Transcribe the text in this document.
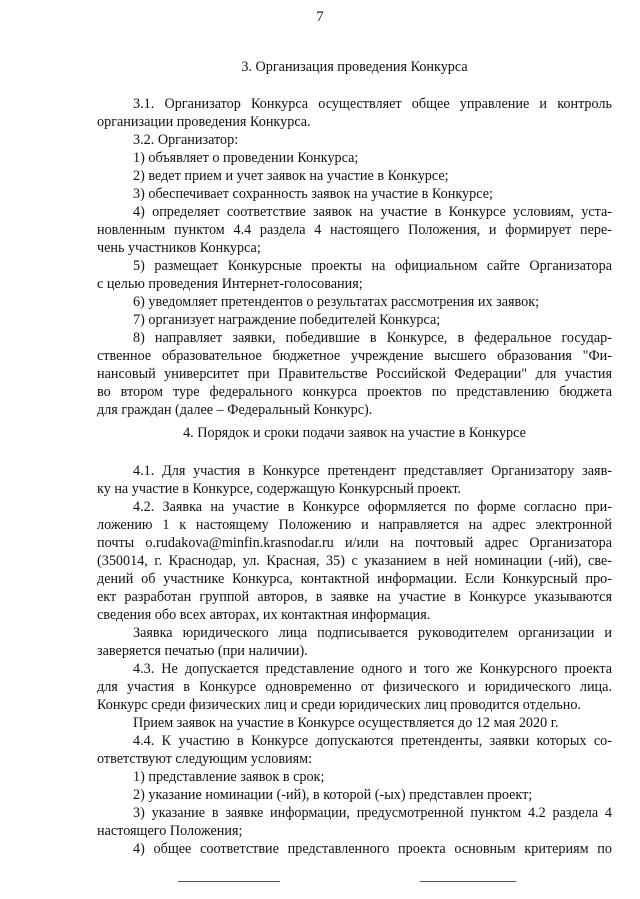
7
3. Организация проведения Конкурса
3.1. Организатор Конкурса осуществляет общее управление и контроль
организации проведения Конкурса.
3.2. Организатор:
1) объявляет о проведении Конкурса;
2) ведет прием и учет заявок на участие в Конкурсе;
3) обеспечивает сохранность заявок на участие в Конкурсе;
4) определяет соответствие заявок на участие в Конкурсе условиям, уста-
новленным пунктом 4.4 раздела 4 настоящего Положения, и формирует пере-
чень участников Конкурса;
5) размещает Конкурсные проекты на официальном сайте Организатора
с целью проведения Интернет-голосования;
6) уведомляет претендентов о результатах рассмотрения их заявок;
7) организует награждение победителей Конкурса;
8) направляет заявки, победившие в Конкурсе, в федеральное государ-
ственное образовательное бюджетное учреждение высшего образования "Фи-
нансовый университет при Правительстве Российской Федерации" для участия
во втором туре федерального конкурса проектов по представлению бюджета
для граждан (далее – Федеральный Конкурс).
4. Порядок и сроки подачи заявок на участие в Конкурсе
4.1. Для участия в Конкурсе претендент представляет Организатору заяв-
ку на участие в Конкурсе, содержащую Конкурсный проект.
4.2. Заявка на участие в Конкурсе оформляется по форме согласно при-
ложению 1 к настоящему Положению и направляется на адрес электронной
почты o.rudakova@minfin.krasnodar.ru и/или на почтовый адрес Организатора
(350014, г. Краснодар, ул. Красная, 35) с указанием в ней номинации (-ий), све-
дений об участнике Конкурса, контактной информации. Если Конкурсный про-
ект разработан группой авторов, в заявке на участие в Конкурсе указываются
сведения обо всех авторах, их контактная информация.
Заявка юридического лица подписывается руководителем организации и
заверяется печатью (при наличии).
4.3. Не допускается представление одного и того же Конкурсного проекта
для участия в Конкурсе одновременно от физического и юридического лица.
Конкурс среди физических лиц и среди юридических лиц проводится отдельно.
Прием заявок на участие в Конкурсе осуществляется до 12 мая 2020 г.
4.4. К участию в Конкурсе допускаются претенденты, заявки которых со-
ответствуют следующим условиям:
1) представление заявок в срок;
2) указание номинации (-ий), в которой (-ых) представлен проект;
3) указание в заявке информации, предусмотренной пунктом 4.2 раздела 4
настоящего Положения;
4) общее соответствие представленного проекта основным критериям по
